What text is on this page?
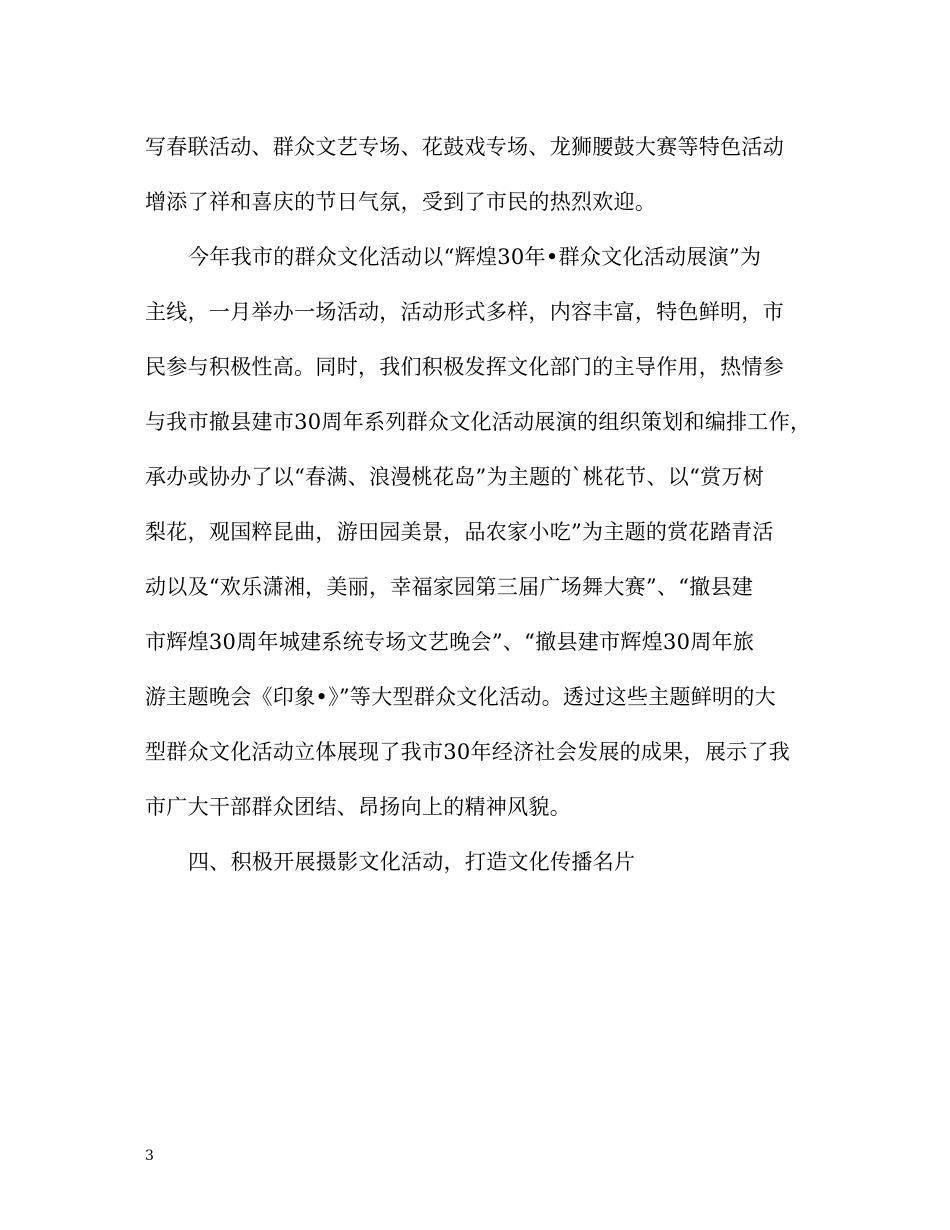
写春联活动、群众文艺专场、花鼓戏专场、龙狮腰鼓大赛等特色活动
增添了祥和喜庆的节日气氛，受到了市民的热烈欢迎。
今年我市的群众文化活动以“辉煌30年•群众文化活动展演”为
主线，一月举办一场活动，活动形式多样，内容丰富，特色鲜明，市
民参与积极性高。同时，我们积极发挥文化部门的主导作用，热情参
与我市撤县建市30周年系列群众文化活动展演的组织策划和编排工作，
承办或协办了以“春满、浪漫桃花岛”为主题的`桃花节、以“赏万树
梨花，观国粹昆曲，游田园美景，品农家小吃”为主题的赏花踏青活
动以及“欢乐潇湘，美丽，幸福家园第三届广场舞大赛”、“撤县建
市辉煌30周年城建系统专场文艺晚会”、“撤县建市辉煌30周年旅
游主题晚会《印象•》”等大型群众文化活动。透过这些主题鲜明的大
型群众文化活动立体展现了我市30年经济社会发展的成果，展示了我
市广大干部群众团结、昂扬向上的精神风貌。
四、积极开展摄影文化活动，打造文化传播名片
3
